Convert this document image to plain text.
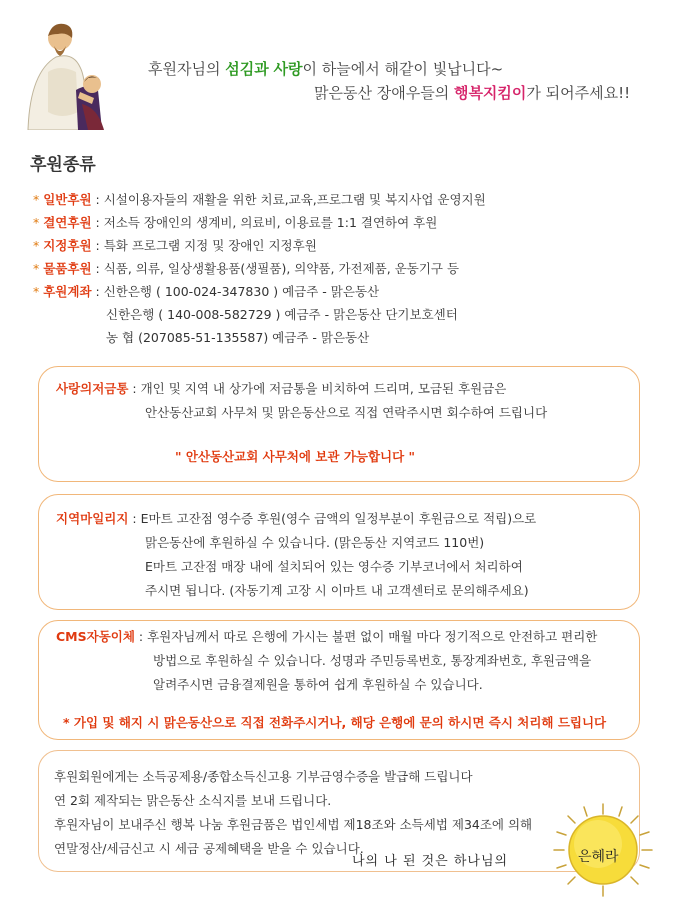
후원자님의 섬김과 사랑이 하늘에서 해같이 빛납니다~
맑은동산 장애우들의 행복지킴이가 되어주세요!!
후원종류
* 일반후원 : 시설이용자들의 재활을 위한 치료,교육,프로그램 및 복지사업 운영지원
* 결연후원 : 저소득 장애인의 생계비, 의료비, 이용료를 1:1 결연하여 후원
* 지정후원 : 특화 프로그램 지정 및 장애인 지정후원
* 물품후원 : 식품, 의류, 일상생활용품(생필품), 의약품, 가전제품, 운동기구 등
* 후원계좌 : 신한은행 ( 100-024-347830 ) 예금주 - 맑은동산
신한은행 ( 140-008-582729 ) 예금주 - 맑은동산 단기보호센터
농 협 (207085-51-135587) 예금주 - 맑은동산
사랑의저금통 : 개인 및 지역 내 상가에 저금통을 비치하여 드리며, 모금된 후원금은
안산동산교회 사무처 및 맑은동산으로 직접 연락주시면 회수하여 드립니다
" 안산동산교회 사무처에 보관 가능합니다 "
지역마일리지 : E마트 고잔점 영수증 후원(영수 금액의 일정부분이 후원금으로 적립)으로
맑은동산에 후원하실 수 있습니다. (맑은동산 지역코드 110번)
E마트 고잔점 매장 내에 설치되어 있는 영수증 기부코너에서 처리하여
주시면 됩니다. (자동기계 고장 시 이마트 내 고객센터로 문의해주세요)
CMS자동이체 : 후원자님께서 따로 은행에 가시는 불편 없이 매월 마다 정기적으로 안전하고 편리한
방법으로 후원하실 수 있습니다. 성명과 주민등록번호, 통장계좌번호, 후원금액을
알려주시면 금융결제원을 통하여 쉽게 후원하실 수 있습니다.
* 가입 및 해지 시 맑은동산으로 직접 전화주시거나, 해당 은행에 문의 하시면 즉시 처리해 드립니다
후원회원에게는 소득공제용/종합소득신고용 기부금영수증을 발급해 드립니다
연 2회 제작되는 맑은동산 소식지를 보내 드립니다.
후원자님이 보내주신 행복 나눔 후원금품은 법인세법 제18조와 소득세법 제34조에 의해
연말정산/세금신고 시 세금 공제혜택을 받을 수 있습니다.
나의 나 된 것은 하나님의	은혜라
